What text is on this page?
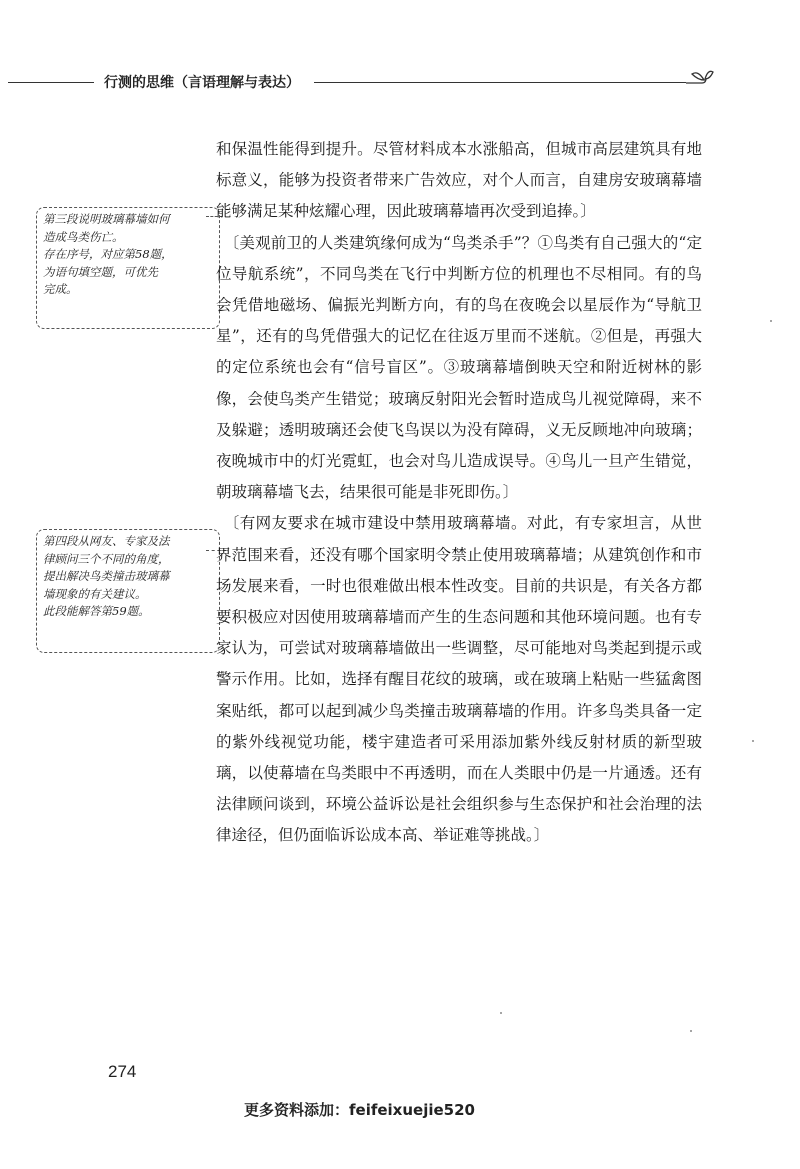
行测的思维（言语理解与表达）
第三段说明玻璃幕墙如何
造成鸟类伤亡。
存在序号，对应第58题，
为语句填空题，可优先
完成。
第四段从网友、专家及法
律顾问三个不同的角度，
提出解决鸟类撞击玻璃幕
墙现象的有关建议。
此段能解答第59题。

和保温性能得到提升。尽管材料成本水涨船高，但城市高层建筑具有地标意义，能够为投资者带来广告效应，对个人而言，自建房安玻璃幕墙能够满足某种炫耀心理，因此玻璃幕墙再次受到追捧。〕

〔美观前卫的人类建筑缘何成为“鸟类杀手”？①鸟类有自己强大的“定位导航系统”，不同鸟类在飞行中判断方位的机理也不尽相同。有的鸟会凭借地磁场、偏振光判断方向，有的鸟在夜晚会以星辰作为“导航卫星”，还有的鸟凭借强大的记忆在往返万里而不迷航。②但是，再强大的定位系统也会有“信号盲区”。③玻璃幕墙倒映天空和附近树林的影像，会使鸟类产生错觉；玻璃反射阳光会暂时造成鸟儿视觉障碍，来不及躲避；透明玻璃还会使飞鸟误以为没有障碍，义无反顾地冲向玻璃；夜晚城市中的灯光霓虹，也会对鸟儿造成误导。④鸟儿一旦产生错觉，朝玻璃幕墙飞去，结果很可能是非死即伤。〕

〔有网友要求在城市建设中禁用玻璃幕墙。对此，有专家坦言，从世界范围来看，还没有哪个国家明令禁止使用玻璃幕墙；从建筑创作和市场发展来看，一时也很难做出根本性改变。目前的共识是，有关各方都要积极应对因使用玻璃幕墙而产生的生态问题和其他环境问题。也有专家认为，可尝试对玻璃幕墙做出一些调整，尽可能地对鸟类起到提示或警示作用。比如，选择有醒目花纹的玻璃，或在玻璃上粘贴一些猛禽图案贴纸，都可以起到减少鸟类撞击玻璃幕墙的作用。许多鸟类具备一定的紫外线视觉功能，楼宇建造者可采用添加紫外线反射材质的新型玻璃，以使幕墙在鸟类眼中不再透明，而在人类眼中仍是一片通透。还有法律顾问谈到，环境公益诉讼是社会组织参与生态保护和社会治理的法律途径，但仍面临诉讼成本高、举证难等挑战。〕

274
更多资料添加：feifeixuejie520
